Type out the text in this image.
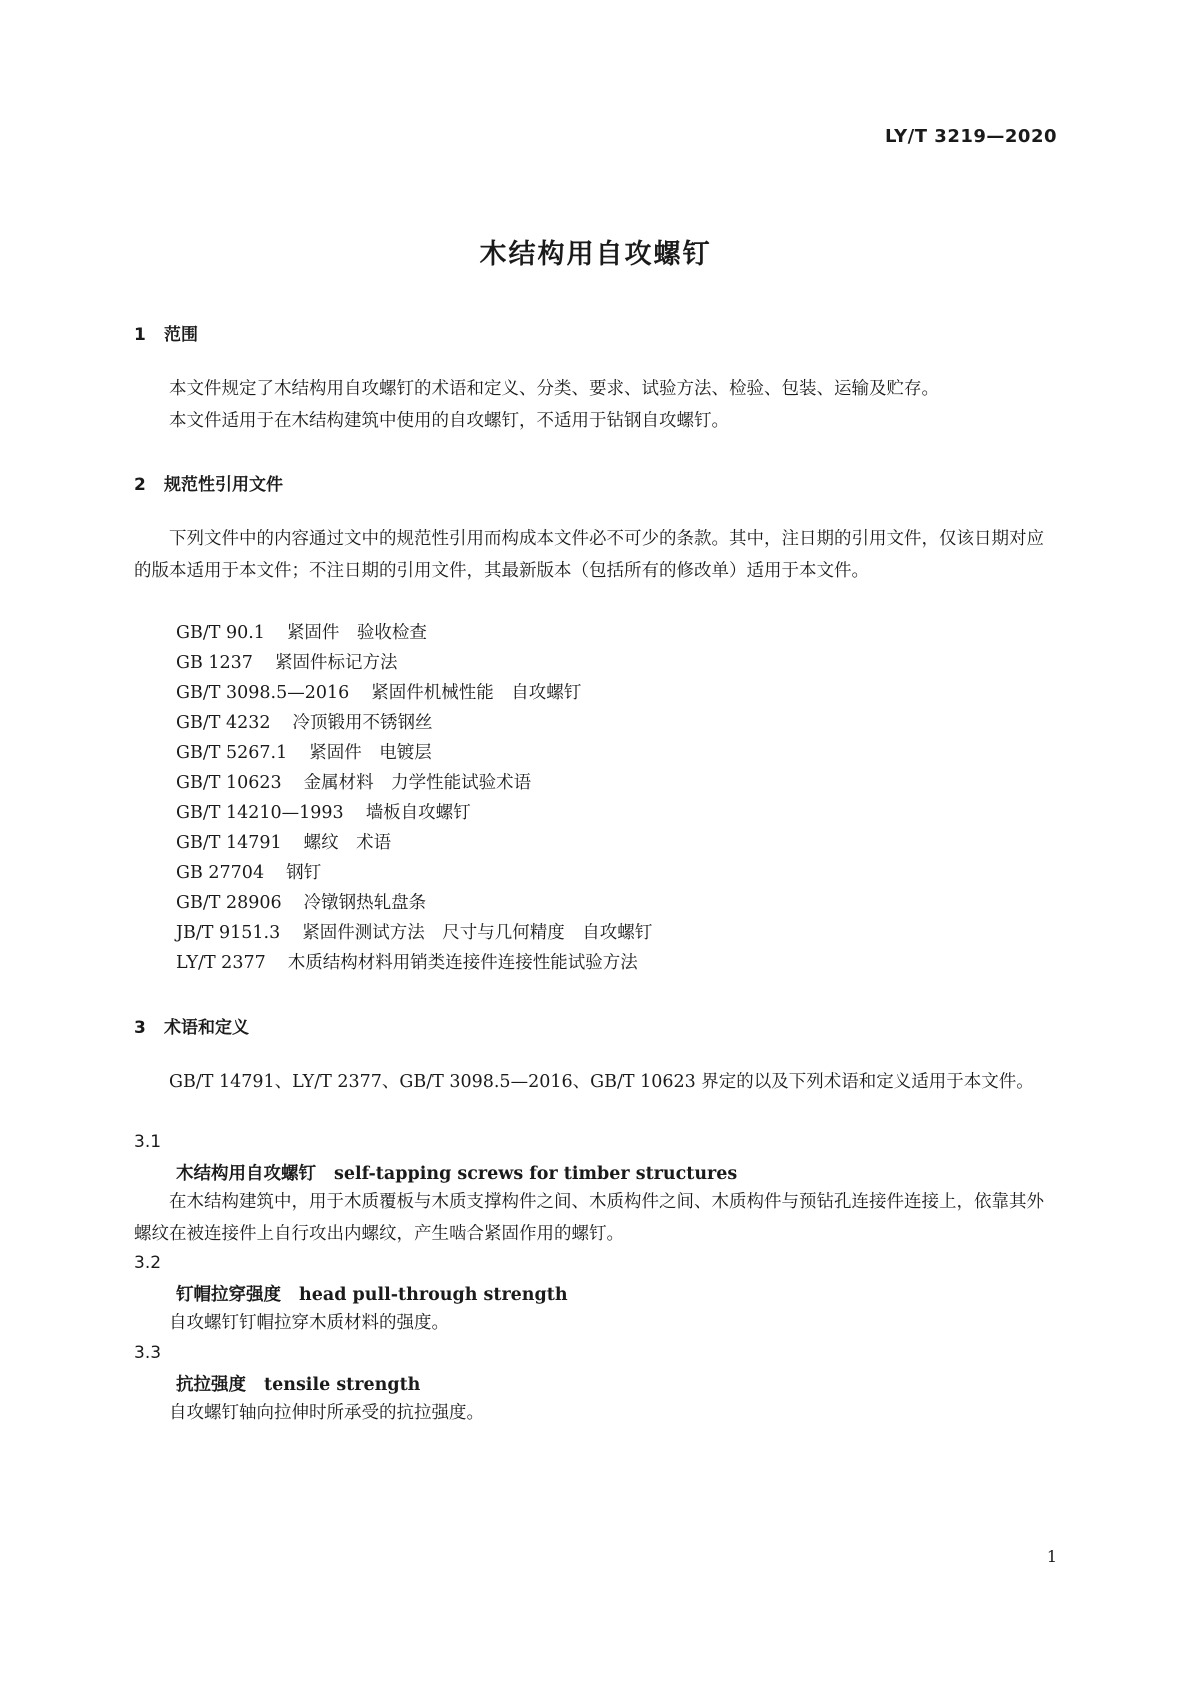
LY/T 3219—2020
木结构用自攻螺钉
1 范围
本文件规定了木结构用自攻螺钉的术语和定义、分类、要求、试验方法、检验、包装、运输及贮存。
本文件适用于在木结构建筑中使用的自攻螺钉，不适用于钻钢自攻螺钉。
2 规范性引用文件
下列文件中的内容通过文中的规范性引用而构成本文件必不可少的条款。其中，注日期的引用文件，仅该日期对应的版本适用于本文件；不注日期的引用文件，其最新版本（包括所有的修改单）适用于本文件。
GB/T 90.1 紧固件　验收检查
GB 1237 紧固件标记方法
GB/T 3098.5—2016 紧固件机械性能　自攻螺钉
GB/T 4232 冷顶锻用不锈钢丝
GB/T 5267.1 紧固件　电镀层
GB/T 10623 金属材料　力学性能试验术语
GB/T 14210—1993 墙板自攻螺钉
GB/T 14791 螺纹　术语
GB 27704 钢钉
GB/T 28906 冷镦钢热轧盘条
JB/T 9151.3 紧固件测试方法　尺寸与几何精度　自攻螺钉
LY/T 2377 木质结构材料用销类连接件连接性能试验方法
3 术语和定义
GB/T 14791、LY/T 2377、GB/T 3098.5—2016、GB/T 10623 界定的以及下列术语和定义适用于本文件。
3.1
木结构用自攻螺钉 self-tapping screws for timber structures
在木结构建筑中，用于木质覆板与木质支撑构件之间、木质构件之间、木质构件与预钻孔连接件连接上，依靠其外螺纹在被连接件上自行攻出内螺纹，产生啮合紧固作用的螺钉。
3.2
钉帽拉穿强度 head pull-through strength
自攻螺钉钉帽拉穿木质材料的强度。
3.3
抗拉强度 tensile strength
自攻螺钉轴向拉伸时所承受的抗拉强度。
1
